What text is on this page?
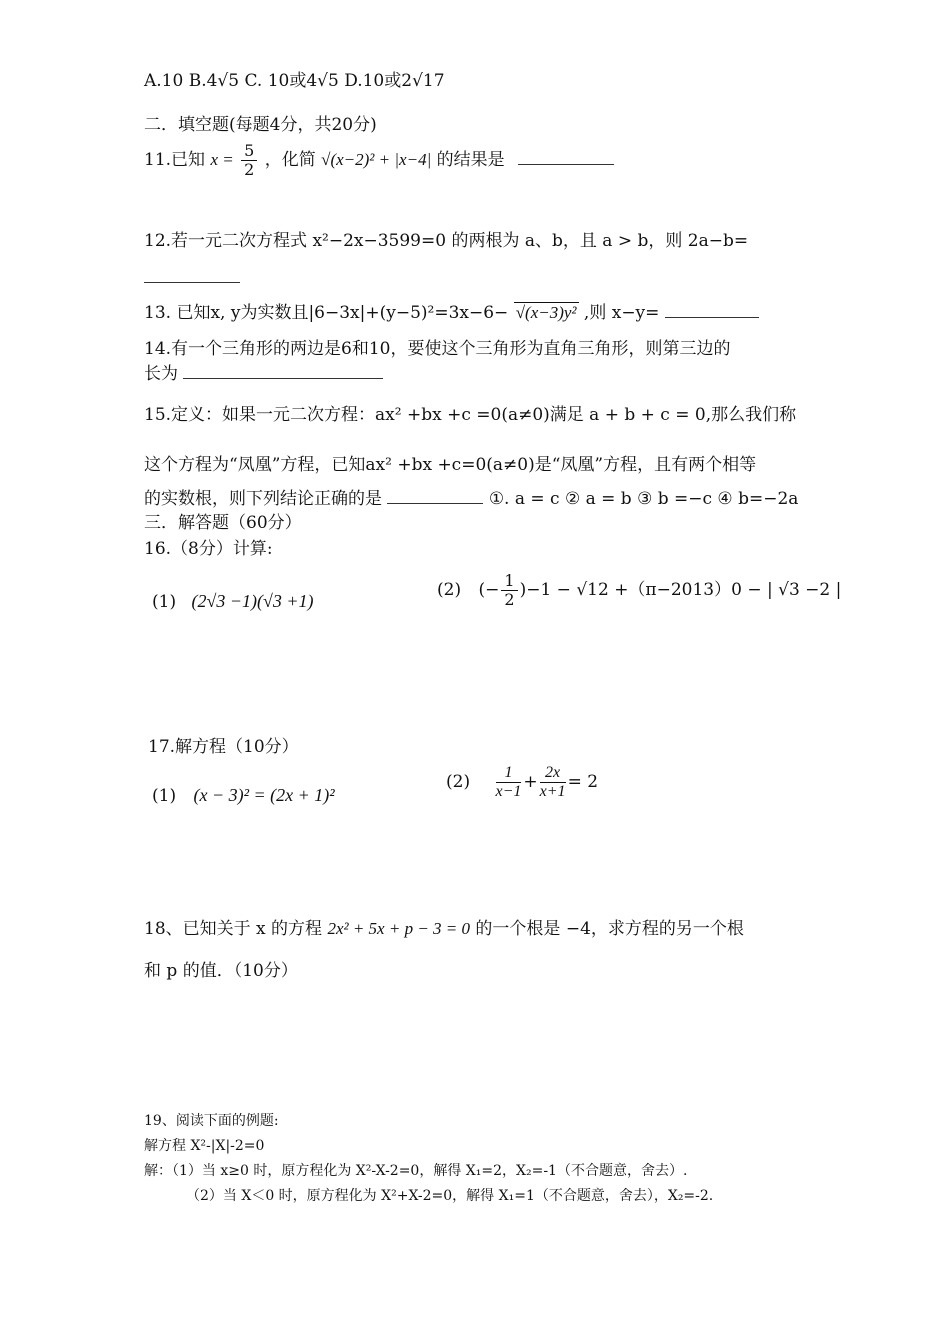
A.10 B.4√5 C. 10或4√5 D.10或2√17
二．填空题(每题4分，共20分)
11.已知 $x = \frac{5}{2}$ ，化简 √(x−2)² + |x−4| 的结果是
12.若一元二次方程式 x²−2x−3599=0 的两根为 a、b，且 a > b，则 2a−b=
13. 已知x, y为实数且|6−3x|+(y−5)²=3x−6− √(x−3)y² ,则 x−y=
14.有一个三角形的两边是6和10，要使这个三角形为直角三角形，则第三边的
长为
15.定义：如果一元二次方程：ax² +bx +c =0(a≠0)满足 a + b + c = 0,那么我们称
这个方程为“凤凰”方程，已知ax² +bx +c=0(a≠0)是“凤凰”方程，且有两个相等
的实数根，则下列结论正确的是	①. a = c ② a = b ③ b =−c ④ b=−2a
三．解答题（60分）
16.（8分）计算:
(1) (2√3 −1)(√3 +1)
(2) (− $\frac{1}{2} )-1 - √12 +(\pi-2013)0$ − | √3 −2 |
17.解方程（10分）
(1) (x − 3)² = (2x + 1)²
$(2) \frac{1}{x-1} + \frac{2x}{x+1} = 2$
18、已知关于 x 的方程 2x² + 5x + p − 3 = 0 的一个根是 −4，求方程的另一个根
和 p 的值．（10分）
19、阅读下面的例题:
解方程 X²-|X|-2=0
解：（1）当 x≥0 时，原方程化为 X²-X-2=0，解得 X₁=2，X₂=-1（不合题意，舍去）.
（2）当 X＜0 时，原方程化为 X²+X-2=0，解得 X₁=1（不合题意，舍去），X₂=-2.
